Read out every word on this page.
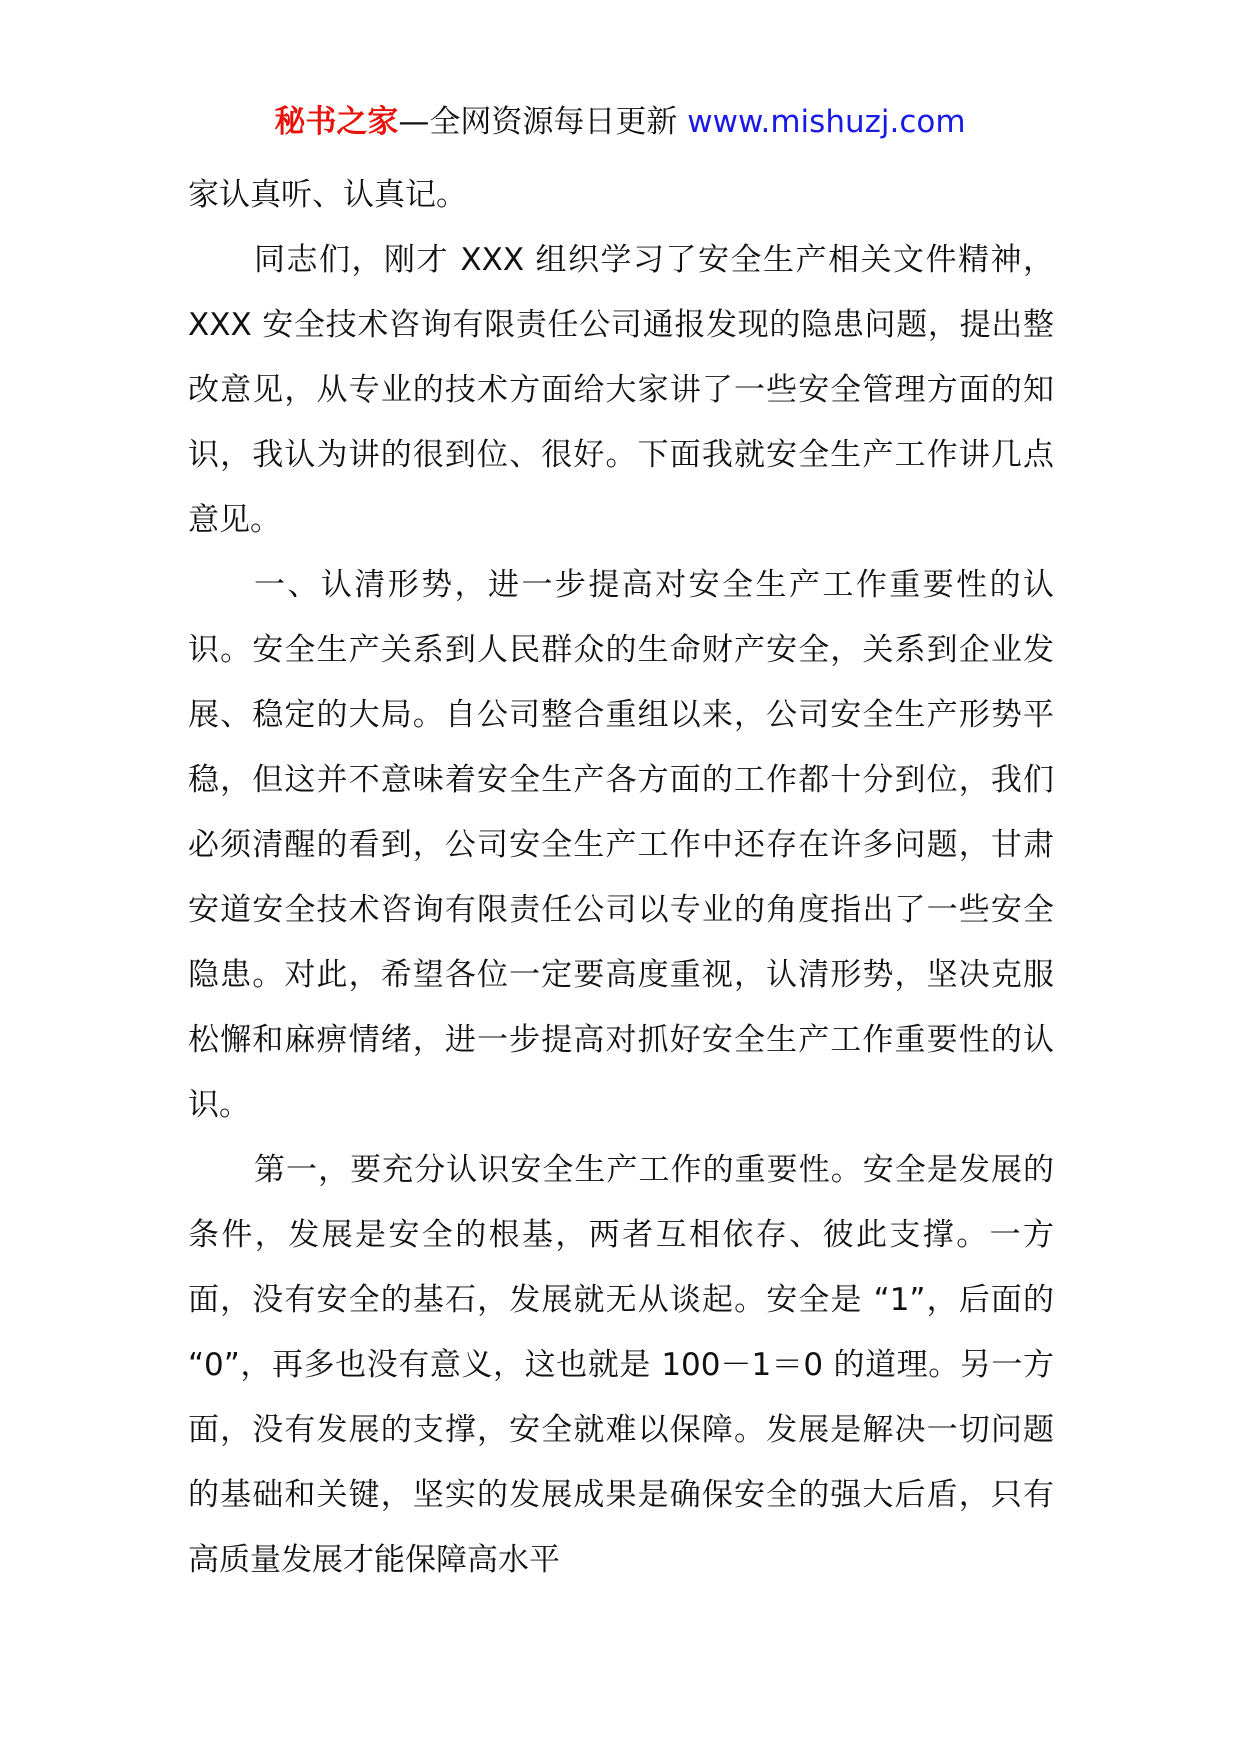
秘书之家—全网资源每日更新 www.mishuzj.com

家认真听、认真记。

同志们，刚才 XXX 组织学习了安全生产相关文件精神，XXX 安全技术咨询有限责任公司通报发现的隐患问题，提出整改意见，从专业的技术方面给大家讲了一些安全管理方面的知识，我认为讲的很到位、很好。下面我就安全生产工作讲几点意见。

一、认清形势，进一步提高对安全生产工作重要性的认识。安全生产关系到人民群众的生命财产安全，关系到企业发展、稳定的大局。自公司整合重组以来，公司安全生产形势平稳，但这并不意味着安全生产各方面的工作都十分到位，我们必须清醒的看到，公司安全生产工作中还存在许多问题，甘肃安道安全技术咨询有限责任公司以专业的角度指出了一些安全隐患。对此，希望各位一定要高度重视，认清形势，坚决克服松懈和麻痹情绪，进一步提高对抓好安全生产工作重要性的认识。

第一，要充分认识安全生产工作的重要性。安全是发展的条件，发展是安全的根基，两者互相依存、彼此支撑。一方面，没有安全的基石，发展就无从谈起。安全是 “1”，后面的 “0”，再多也没有意义，这也就是 100－1＝0 的道理。另一方面，没有发展的支撑，安全就难以保障。发展是解决一切问题的基础和关键，坚实的发展成果是确保安全的强大后盾，只有高质量发展才能保障高水平
